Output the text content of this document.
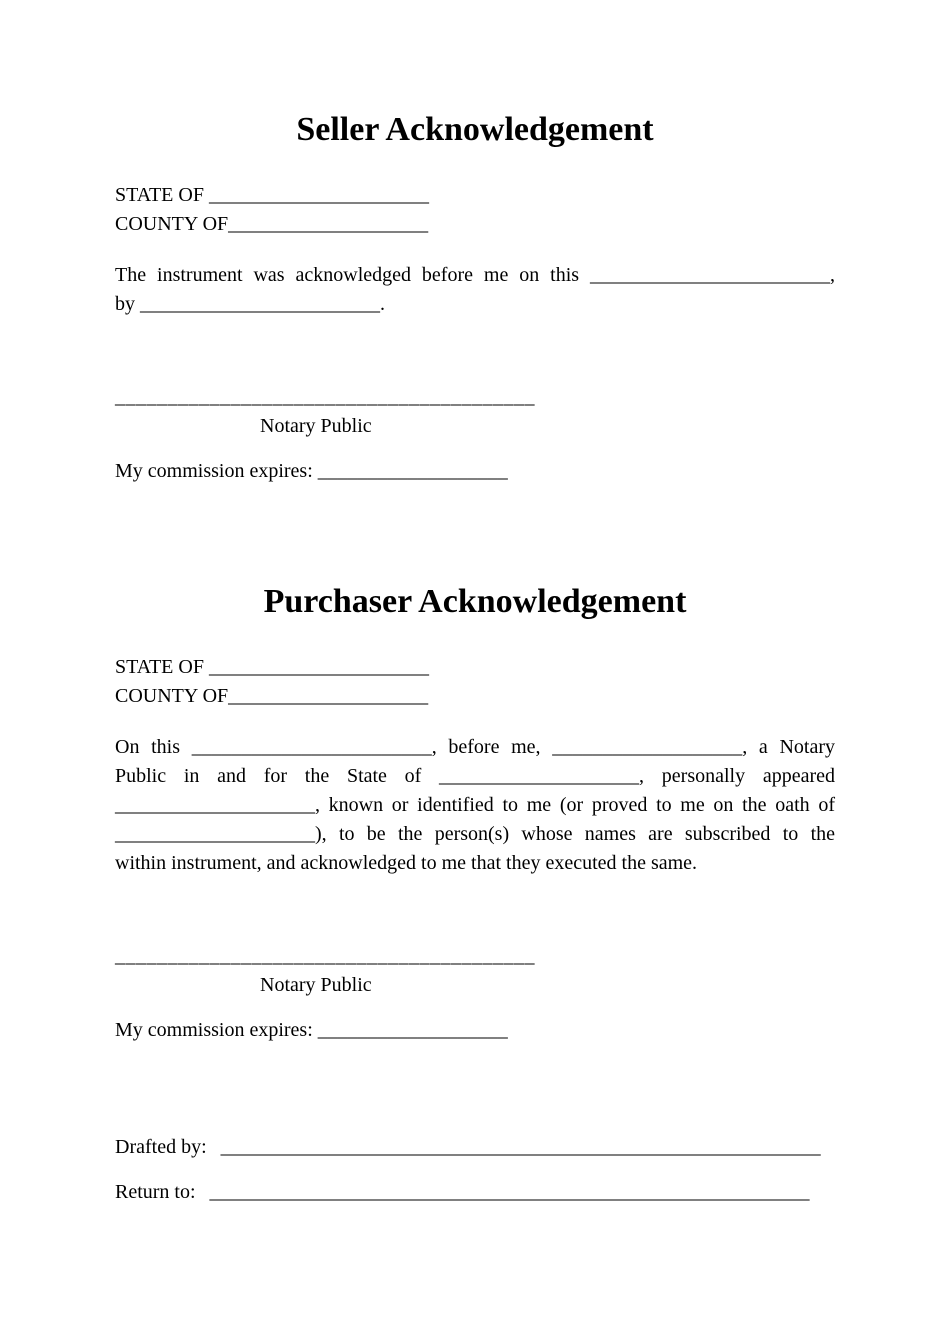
Seller Acknowledgement
STATE OF ______________________
COUNTY OF____________________
The instrument was acknowledged before me on this ________________________,
by ________________________.
________________________________________
Notary Public
My commission expires: ___________________
Purchaser Acknowledgement
STATE OF ______________________
COUNTY OF____________________
On this ________________________, before me, ___________________, a Notary
Public in and for the State of ____________________, personally appeared
____________________, known or identified to me (or proved to me on the oath of
____________________), to be the person(s) whose names are subscribed to the
within instrument, and acknowledged to me that they executed the same.
________________________________________
Notary Public
My commission expires: ___________________
Drafted by: ____________________________________________________________
Return to: ____________________________________________________________
